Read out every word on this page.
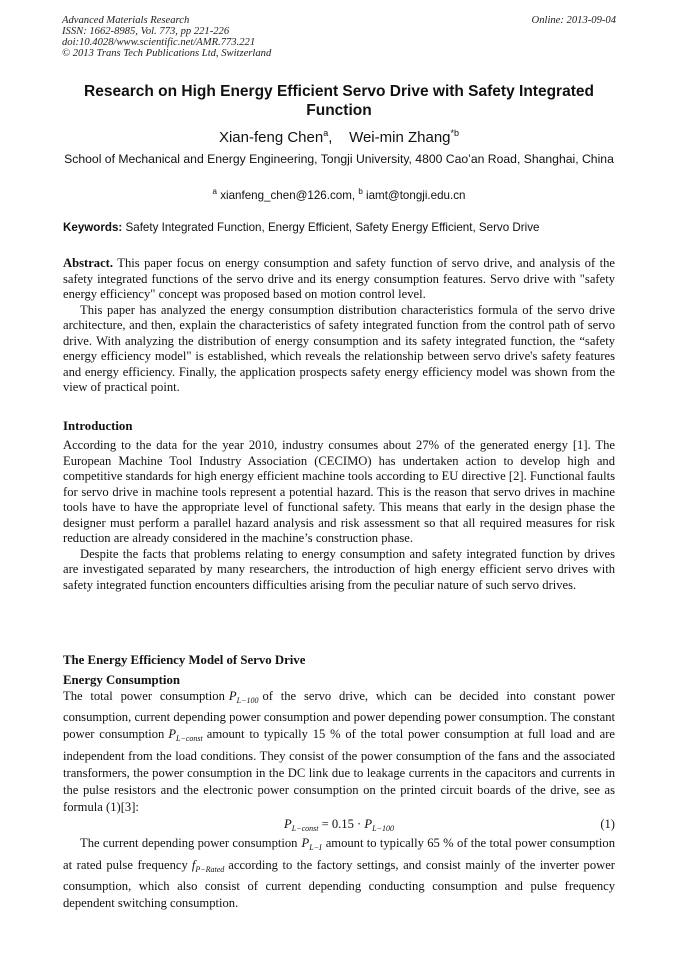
Advanced Materials Research
ISSN: 1662-8985, Vol. 773, pp 221-226
doi:10.4028/www.scientific.net/AMR.773.221
© 2013 Trans Tech Publications Ltd, Switzerland
Online: 2013-09-04
Research on High Energy Efficient Servo Drive with Safety Integrated Function
Xian-feng Chen$^a$, Wei-min Zhang$^{*b}$
School of Mechanical and Energy Engineering, Tongji University, 4800 Cao’an Road, Shanghai, China
$^a$ xianfeng_chen@126.com, $^b$ iamt@tongji.edu.cn
Keywords: Safety Integrated Function, Energy Efficient, Safety Energy Efficient, Servo Drive

Abstract. This paper focus on energy consumption and safety function of servo drive, and analysis of the safety integrated functions of the servo drive and its energy consumption features. Servo drive with "safety energy efficiency" concept was proposed based on motion control level.

This paper has analyzed the energy consumption distribution characteristics formula of the servo drive architecture, and then, explain the characteristics of safety integrated function from the control path of servo drive. With analyzing the distribution of energy consumption and its safety integrated function, the “safety energy efficiency model" is established, which reveals the relationship between servo drive's safety features and energy efficiency. Finally, the application prospects safety energy efficiency model was shown from the view of practical point.

Introduction

According to the data for the year 2010, industry consumes about 27% of the generated energy [1]. The European Machine Tool Industry Association (CECIMO) has undertaken action to develop high and competitive standards for high energy efficient machine tools according to EU directive [2]. Functional faults for servo drive in machine tools represent a potential hazard. This is the reason that servo drives in machine tools have to have the appropriate level of functional safety. This means that early in the design phase the designer must perform a parallel hazard analysis and risk assessment so that all required measures for risk reduction are already considered in the machine’s construction phase.

Despite the facts that problems relating to energy consumption and safety integrated function by drives are investigated separated by many researchers, the introduction of high energy efficient servo drives with safety integrated function encounters difficulties arising from the peculiar nature of such servo drives.

The Energy Efficiency Model of Servo Drive
Energy Consumption

The total power consumption $P_{L-100}$ of the servo drive, which can be decided into constant power consumption, current depending power consumption and power depending power consumption. The constant power consumption $P_{L-const}$ amount to typically 15 % of the total power consumption at full load and are independent from the load conditions. They consist of the power consumption of the fans and the associated transformers, the power consumption in the DC link due to leakage currents in the capacitors and currents in the pulse resistors and the electronic power consumption on the printed circuit boards of the drive, see as formula (1)[3]:

$P_{L-const} = 0.15 \cdot P_{L-100}$	(1)

The current depending power consumption $P_{L-I}$ amount to typically 65 % of the total power consumption at rated pulse frequency $f_{P-Rated}$ according to the factory settings, and consist mainly of the inverter power consumption, which also consist of current depending conducting consumption and pulse frequency dependent switching consumption.
